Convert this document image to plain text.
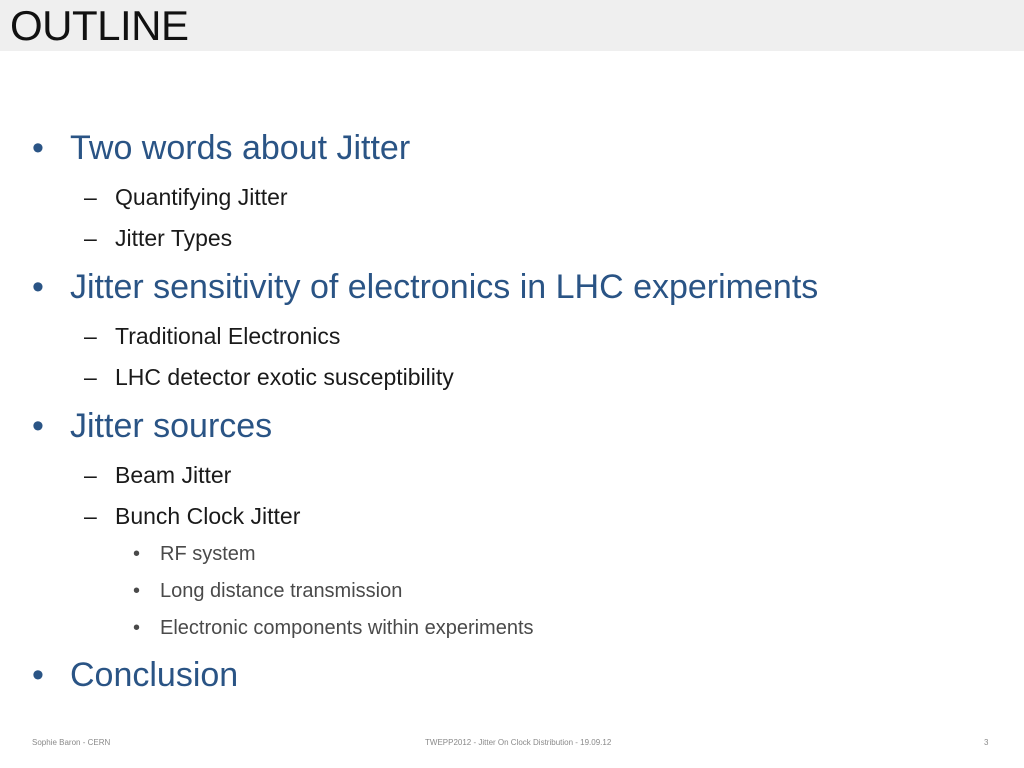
OUTLINE
• Two words about Jitter
– Quantifying Jitter
– Jitter Types
• Jitter sensitivity of electronics in LHC experiments
– Traditional Electronics
– LHC detector exotic susceptibility
• Jitter sources
– Beam Jitter
– Bunch Clock Jitter
• RF system
• Long distance transmission
• Electronic components within experiments
• Conclusion
Sophie Baron - CERN	TWEPP2012 - Jitter On Clock Distribution - 19.09.12	3
